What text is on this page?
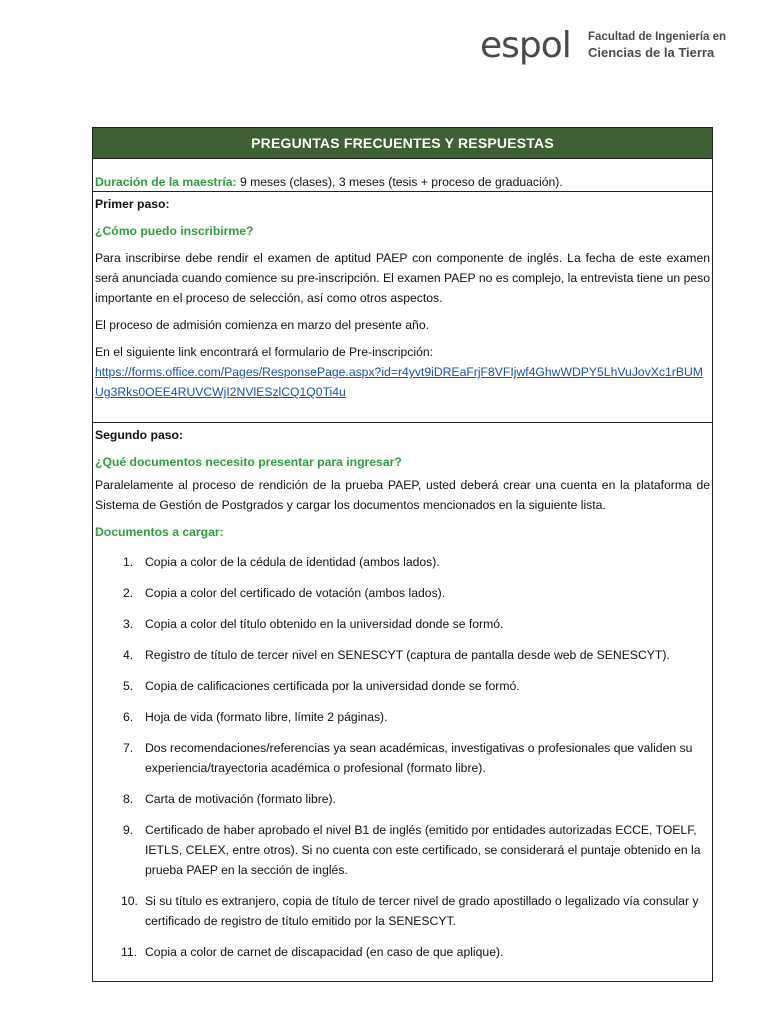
espol Facultad de Ingeniería en
Ciencias de la Tierra
PREGUNTAS FRECUENTES Y RESPUESTAS
Duración de la maestría: 9 meses (clases), 3 meses (tesis + proceso de graduación).

Primer paso:

¿Cómo puedo inscribirme?

Para inscribirse debe rendir el examen de aptitud PAEP con componente de inglés. La fecha de este examen será anunciada cuando comience su pre-inscripción. El examen PAEP no es complejo, la entrevista tiene un peso importante en el proceso de selección, así como otros aspectos.

El proceso de admisión comienza en marzo del presente año.

En el siguiente link encontrará el formulario de Pre-inscripción:

https://forms.office.com/Pages/ResponsePage.aspx?id=r4yvt9iDREaFrjF8VFIjwf4GhwWDPY5LhVuJovXc1rBUMUg3Rks0OEE4RUVCWjI2NVlESzlCQ1Q0Ti4u

Segundo paso:

¿Qué documentos necesito presentar para ingresar?

Paralelamente al proceso de rendición de la prueba PAEP, usted deberá crear una cuenta en la plataforma de Sistema de Gestión de Postgrados y cargar los documentos mencionados en la siguiente lista.

Documentos a cargar:

1. Copia a color de la cédula de identidad (ambos lados).
2. Copia a color del certificado de votación (ambos lados).
3. Copia a color del título obtenido en la universidad donde se formó.
4. Registro de título de tercer nivel en SENESCYT (captura de pantalla desde web de SENESCYT).
5. Copia de calificaciones certificada por la universidad donde se formó.
6. Hoja de vida (formato libre, límite 2 páginas).
7. Dos recomendaciones/referencias ya sean académicas, investigativas o profesionales que validen su experiencia/trayectoria académica o profesional (formato libre).
8. Carta de motivación (formato libre).
9. Certificado de haber aprobado el nivel B1 de inglés (emitido por entidades autorizadas ECCE, TOELF, IETLS, CELEX, entre otros). Si no cuenta con este certificado, se considerará el puntaje obtenido en la prueba PAEP en la sección de inglés.
10. Si su título es extranjero, copia de título de tercer nivel de grado apostillado o legalizado vía consular y certificado de registro de título emitido por la SENESCYT.
11. Copia a color de carnet de discapacidad (en caso de que aplique).
